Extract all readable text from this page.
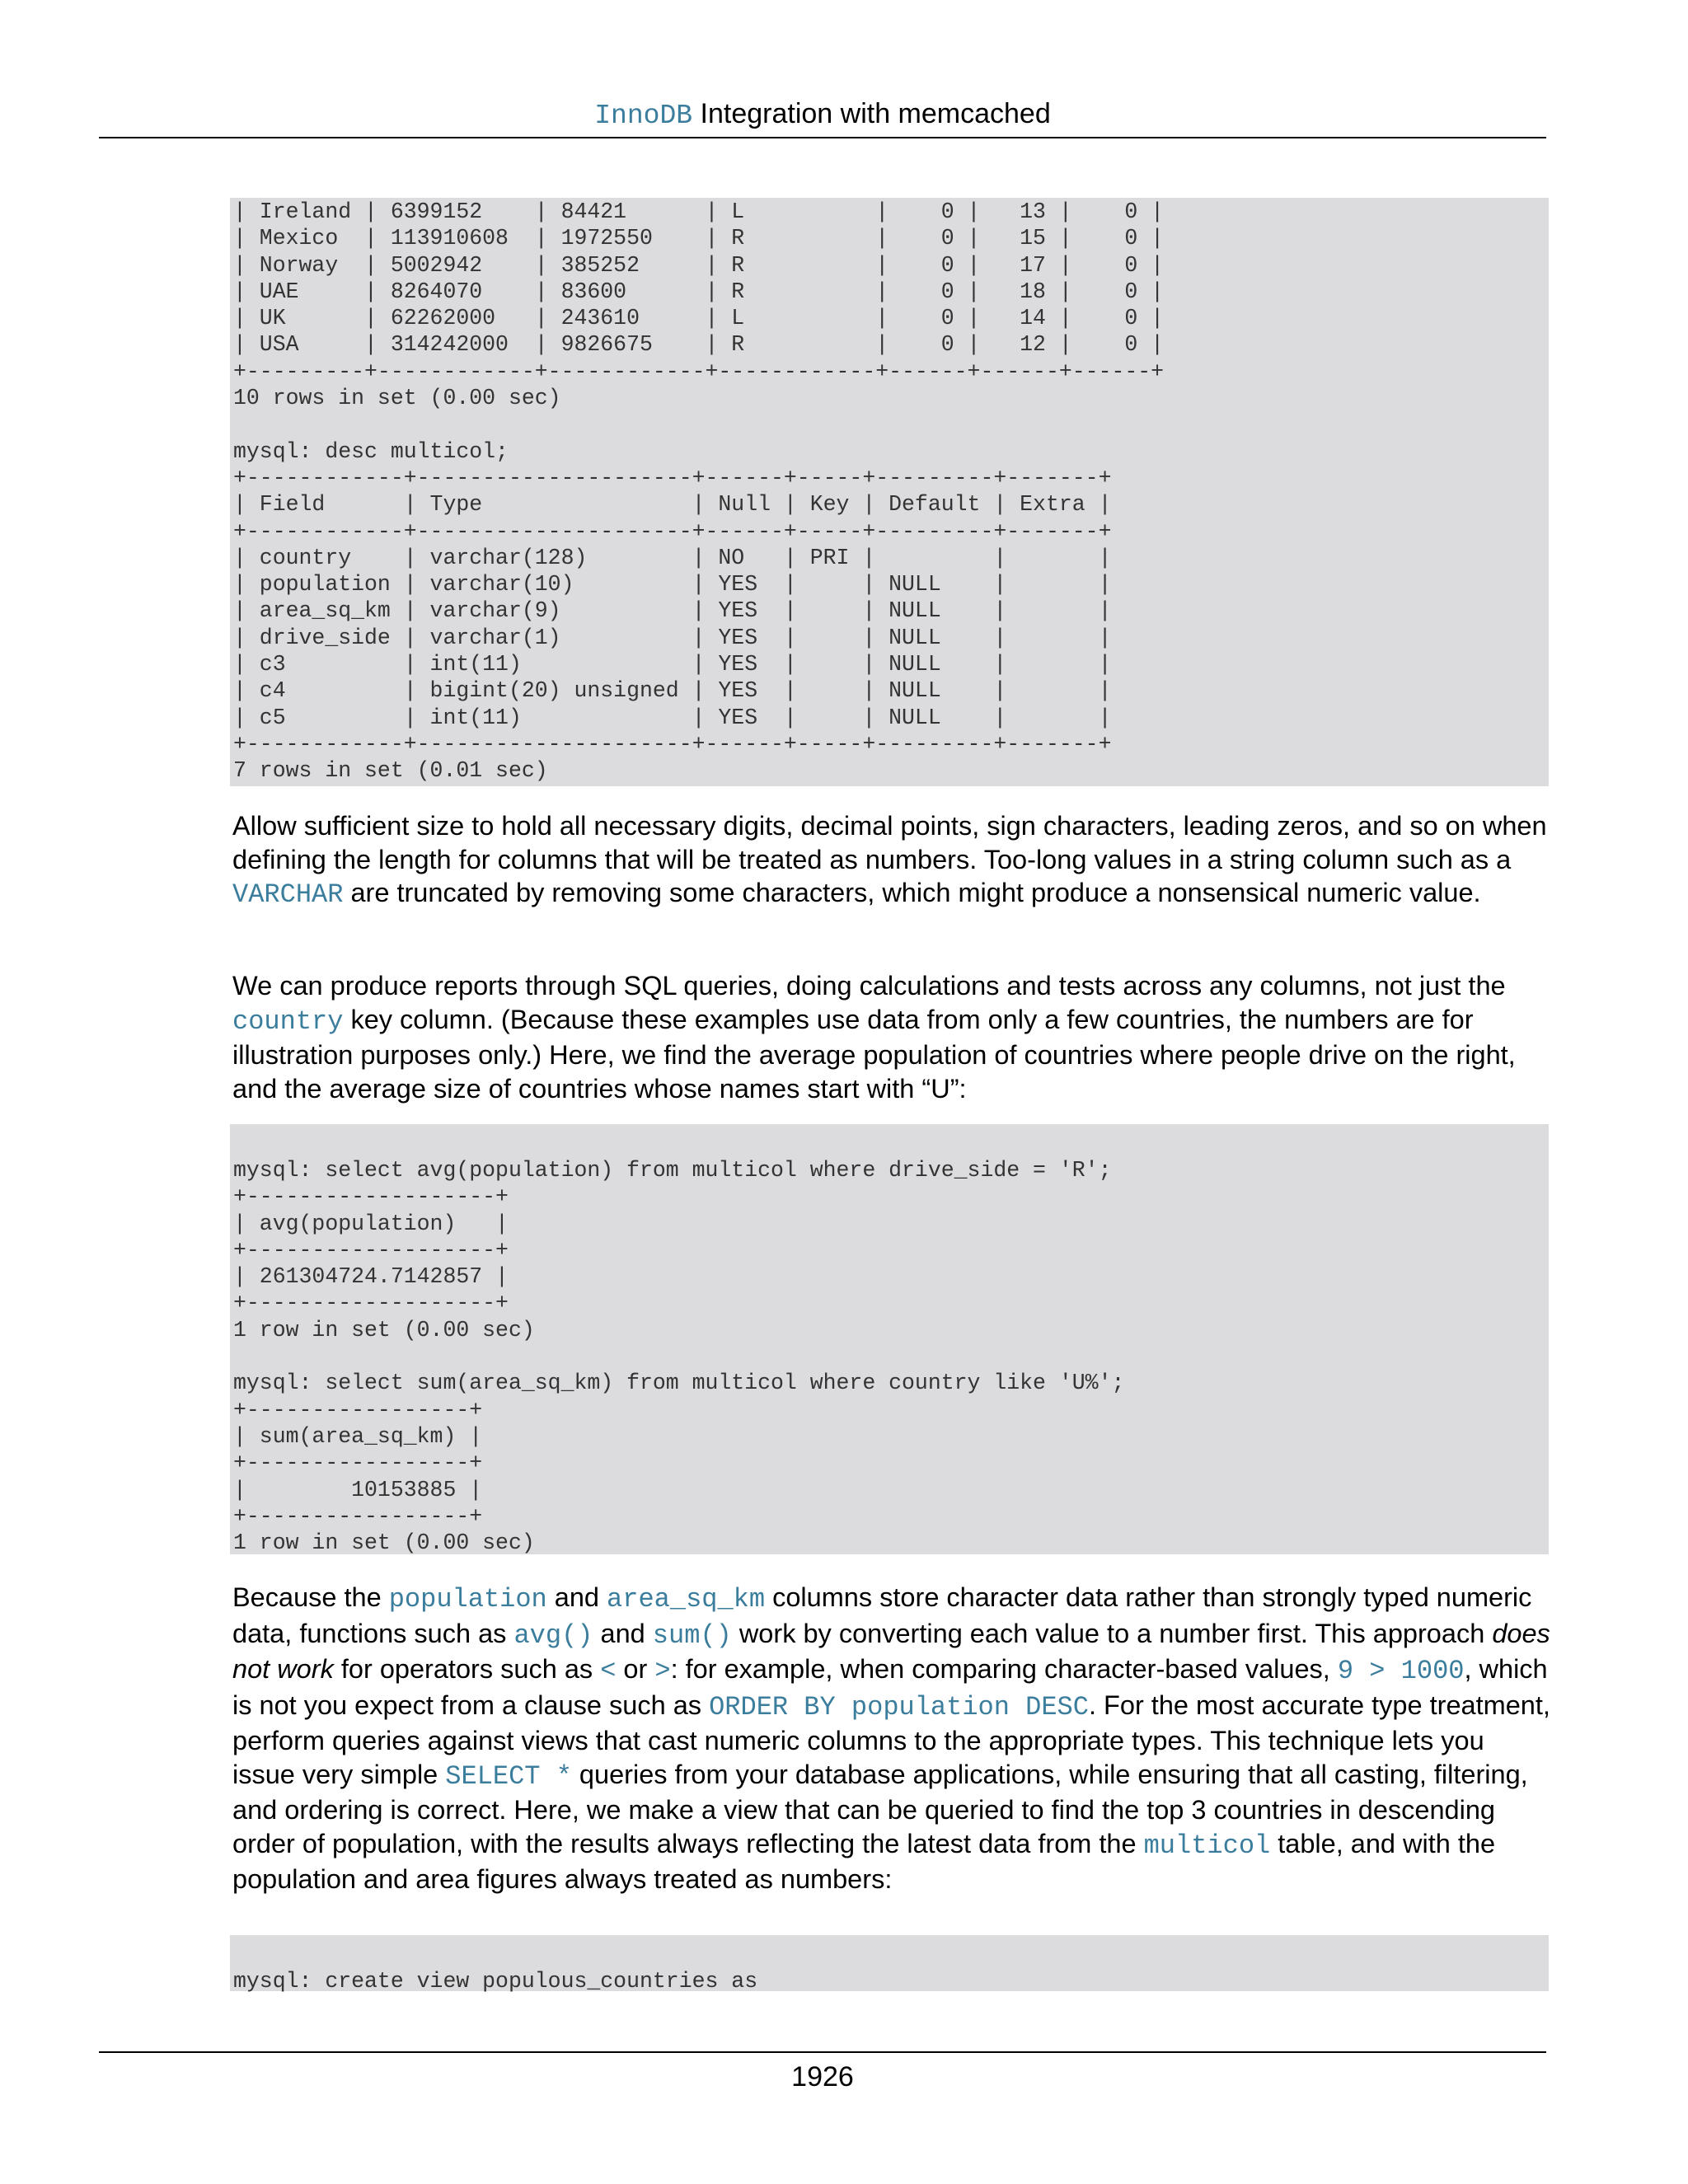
InnoDB Integration with memcached
| Ireland | 6399152    | 84421      | L          |    0 |   13 |    0 |
| Mexico  | 113910608  | 1972550    | R          |    0 |   15 |    0 |
| Norway  | 5002942    | 385252     | R          |    0 |   17 |    0 |
| UAE     | 8264070    | 83600      | R          |    0 |   18 |    0 |
| UK      | 62262000   | 243610     | L          |    0 |   14 |    0 |
| USA     | 314242000  | 9826675    | R          |    0 |   12 |    0 |
+---------+------------+------------+------------+------+------+------+
10 rows in set (0.00 sec)

mysql: desc multicol;
+------------+---------------------+------+-----+---------+-------+
| Field      | Type                | Null | Key | Default | Extra |
+------------+---------------------+------+-----+---------+-------+
| country    | varchar(128)        | NO   | PRI |         |       |
| population | varchar(10)         | YES  |     | NULL    |       |
| area_sq_km | varchar(9)          | YES  |     | NULL    |       |
| drive_side | varchar(1)          | YES  |     | NULL    |       |
| c3         | int(11)             | YES  |     | NULL    |       |
| c4         | bigint(20) unsigned | YES  |     | NULL    |       |
| c5         | int(11)             | YES  |     | NULL    |       |
+------------+---------------------+------+-----+---------+-------+
7 rows in set (0.01 sec)
Allow sufficient size to hold all necessary digits, decimal points, sign characters, leading zeros, and so on when defining the length for columns that will be treated as numbers. Too-long values in a string column such as a VARCHAR are truncated by removing some characters, which might produce a nonsensical numeric value.
We can produce reports through SQL queries, doing calculations and tests across any columns, not just the country key column. (Because these examples use data from only a few countries, the numbers are for illustration purposes only.) Here, we find the average population of countries where people drive on the right, and the average size of countries whose names start with “U”:
mysql: select avg(population) from multicol where drive_side = 'R';
+-------------------+
| avg(population)   |
+-------------------+
| 261304724.7142857 |
+-------------------+
1 row in set (0.00 sec)

mysql: select sum(area_sq_km) from multicol where country like 'U%';
+-----------------+
| sum(area_sq_km) |
+-----------------+
|        10153885 |
+-----------------+
1 row in set (0.00 sec)
Because the population and area_sq_km columns store character data rather than strongly typed numeric data, functions such as avg() and sum() work by converting each value to a number first. This approach does not work for operators such as < or >: for example, when comparing character-based values, 9 > 1000, which is not you expect from a clause such as ORDER BY population DESC. For the most accurate type treatment, perform queries against views that cast numeric columns to the appropriate types. This technique lets you issue very simple SELECT * queries from your database applications, while ensuring that all casting, filtering, and ordering is correct. Here, we make a view that can be queried to find the top 3 countries in descending order of population, with the results always reflecting the latest data from the multicol table, and with the population and area figures always treated as numbers:
mysql: create view populous_countries as
1926
